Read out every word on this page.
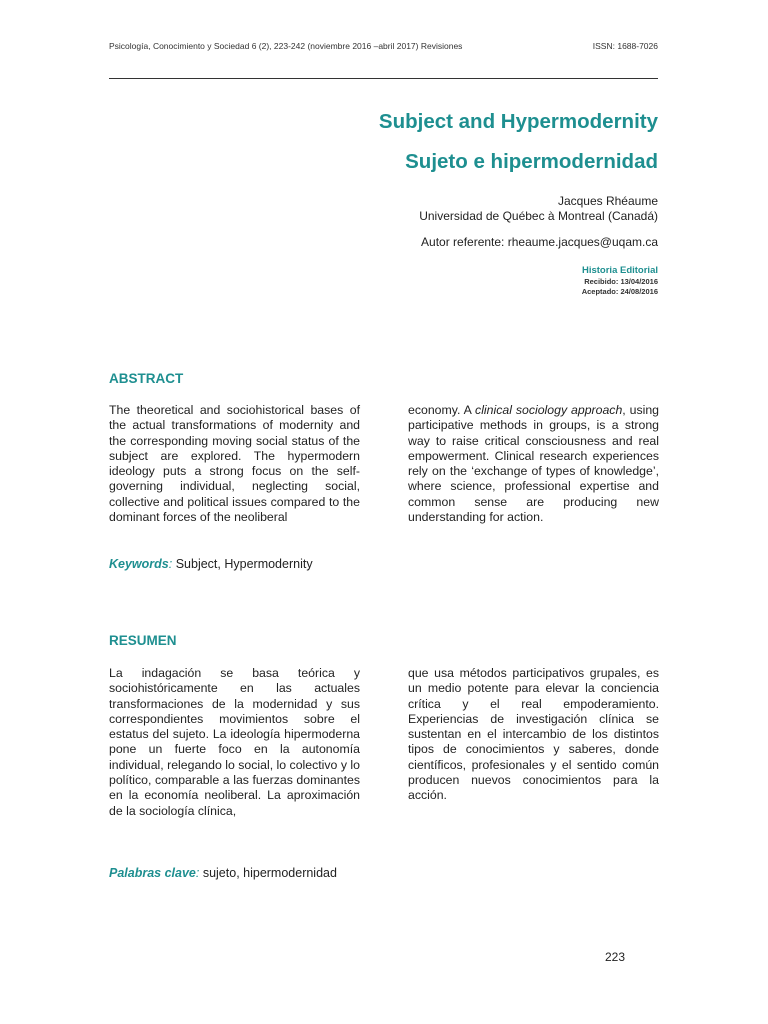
Psicología, Conocimiento y Sociedad 6 (2), 223-242 (noviembre 2016 –abril 2017) Revisiones	ISSN: 1688-7026
Subject and Hypermodernity
Sujeto e hipermodernidad
Jacques Rhéaume
Universidad de Québec à Montreal (Canadá)
Autor referente: rheaume.jacques@uqam.ca
Historia Editorial
Recibido: 13/04/2016
Aceptado: 24/08/2016
ABSTRACT
The theoretical and sociohistorical bases of the actual transformations of modernity and the corresponding moving social status of the subject are explored. The hypermodern ideology puts a strong focus on the self-governing individual, neglecting social, collective and political issues compared to the dominant forces of the neoliberal
economy. A clinical sociology approach, using participative methods in groups, is a strong way to raise critical consciousness and real empowerment. Clinical research experiences rely on the ‘exchange of types of knowledge’, where science, professional expertise and common sense are producing new understanding for action.
Keywords: Subject, Hypermodernity
RESUMEN
La indagación se basa teórica y sociohistóricamente en las actuales transformaciones de la modernidad y sus correspondientes movimientos sobre el estatus del sujeto. La ideología hipermoderna pone un fuerte foco en la autonomía individual, relegando lo social, lo colectivo y lo político, comparable a las fuerzas dominantes en la economía neoliberal. La aproximación de la sociología clínica,
que usa métodos participativos grupales, es un medio potente para elevar la conciencia crítica y el real empoderamiento. Experiencias de investigación clínica se sustentan en el intercambio de los distintos tipos de conocimientos y saberes, donde científicos, profesionales y el sentido común producen nuevos conocimientos para la acción.
Palabras clave: sujeto, hipermodernidad
223
